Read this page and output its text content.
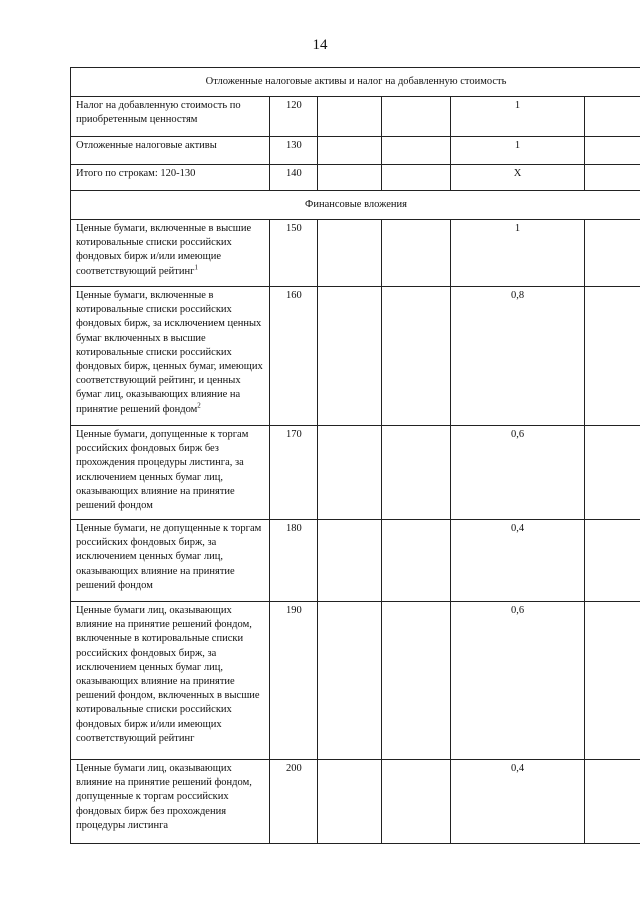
14
Отложенные налоговые активы и налог на добавленную стоимость					
Налог на добавленную стоимость по приобретенным ценностям	120			1	
Отложенные налоговые активы	130			1	
Итого по строкам: 120-130	140			Х	
Финансовые вложения					
Ценные бумаги, включенные в высшие котировальные списки российских фондовых бирж и/или имеющие соответствующий рейтинг$^1$	150			1	
Ценные бумаги, включенные в котировальные списки российских фондовых бирж, за исключением ценных бумаг включенных в высшие котировальные списки российских фондовых бирж, ценных бумаг, имеющих соответствующий рейтинг, и ценных бумаг лиц, оказывающих влияние на принятие решений фондом$^2$	160			0,8	
Ценные бумаги, допущенные к торгам российских фондовых бирж без прохождения процедуры листинга, за исключением ценных бумаг лиц, оказывающих влияние на принятие решений фондом	170			0,6	
Ценные бумаги, не допущенные к торгам российских фондовых бирж, за исключением ценных бумаг лиц, оказывающих влияние на принятие решений фондом	180			0,4	
Ценные бумаги лиц, оказывающих влияние на принятие решений фондом, включенные в котировальные списки российских фондовых бирж, за исключением ценных бумаг лиц, оказывающих влияние на принятие решений фондом, включенных в высшие котировальные списки российских фондовых бирж и/или имеющих соответствующий рейтинг	190			0,6	
Ценные бумаги лиц, оказывающих влияние на принятие решений фондом, допущенные к торгам российских фондовых бирж без прохождения процедуры листинга	200			0,4	
